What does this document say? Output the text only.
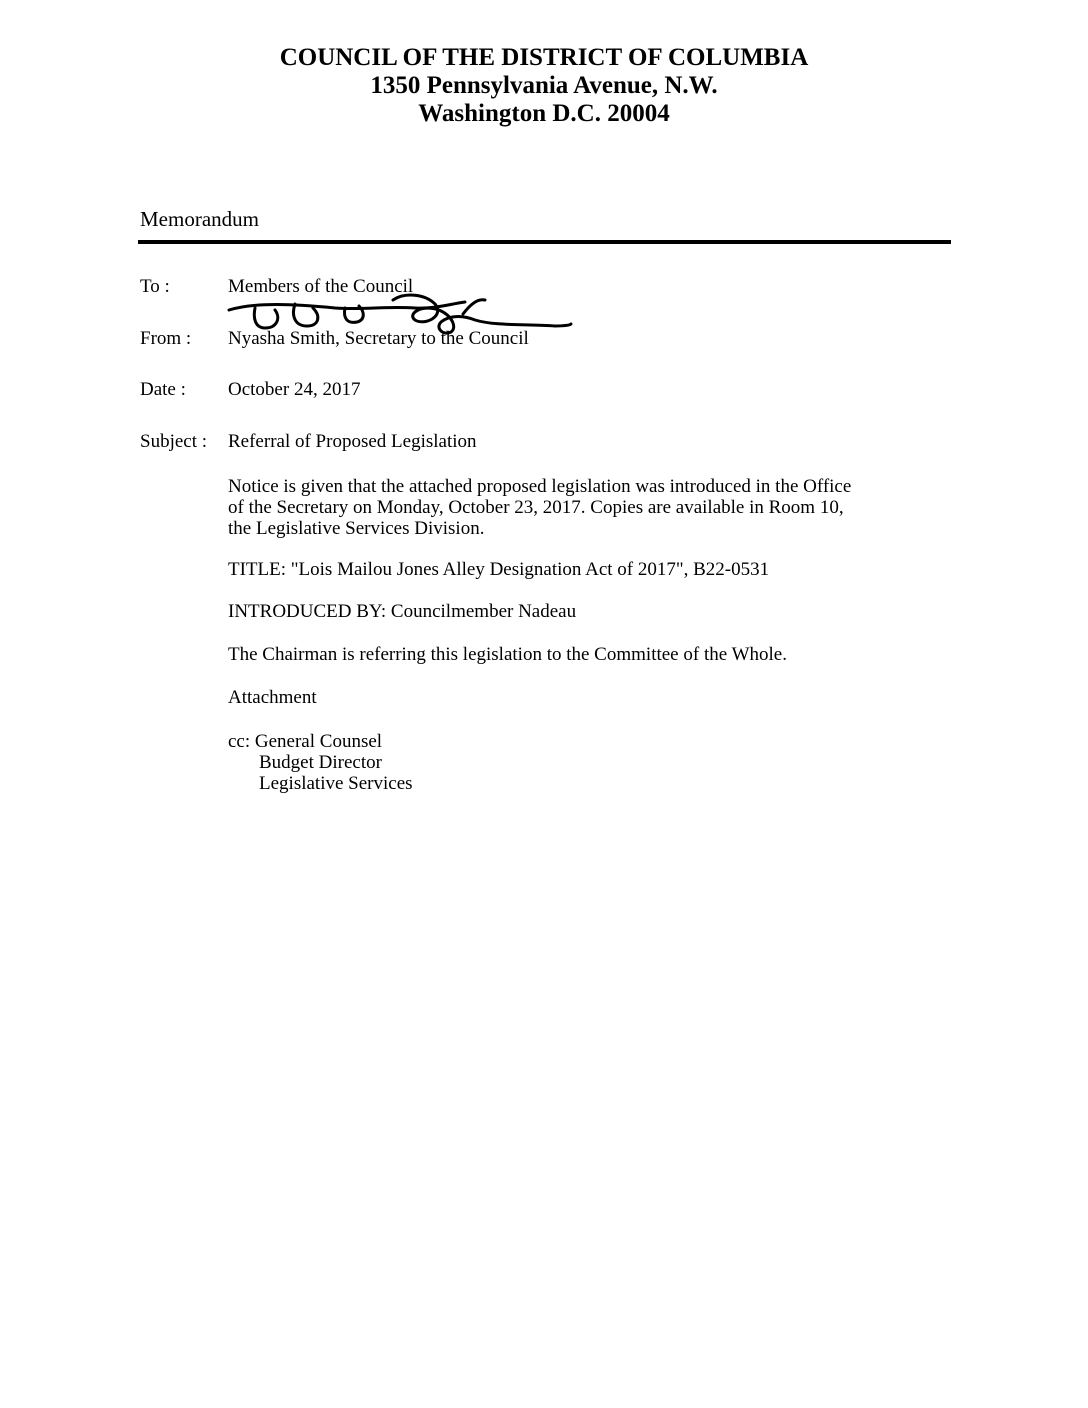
COUNCIL OF THE DISTRICT OF COLUMBIA
1350 Pennsylvania Avenue, N.W.
Washington D.C. 20004
Memorandum
To :	Members of the Council
From : Nyasha Smith, Secretary to the Council
Date : October 24, 2017
Subject : Referral of Proposed Legislation
Notice is given that the attached proposed legislation was introduced in the Office
of the Secretary on Monday, October 23, 2017. Copies are available in Room 10,
the Legislative Services Division.
TITLE: "Lois Mailou Jones Alley Designation Act of 2017", B22-0531
INTRODUCED BY: Councilmember Nadeau
The Chairman is referring this legislation to the Committee of the Whole.
Attachment
cc: General Counsel
Budget Director
Legislative Services
